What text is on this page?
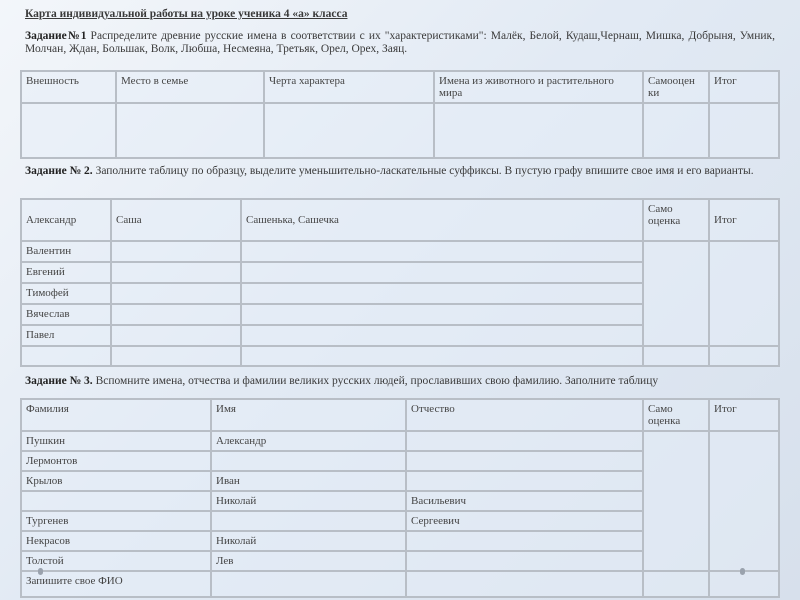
Карта индивидуальной работы на уроке ученика 4 «а» класса
Задание№1 Распределите древние русские имена в соответствии с их "характеристиками": Малёк, Белой, Кудаш,Чернаш, Мишка, Добрыня, Умник, Молчан, Ждан, Большак, Волк, Любша, Несмеяна, Третьяк, Орел, Орех, Заяц.
Внешность	Место в семье	Черта характера	Имена из животного и растительного мира	Самооцен ки	Итог

Задание № 2. Заполните таблицу по образцу, выделите уменьшительно-ласкательные суффиксы. В пустую графу впишите свое имя и его варианты.
Александр	Саша	Сашенька, Сашечка	Само оценка	Итог
Валентин				
Евгений				
Тимофей				
Вячеслав				
Павел				

Задание № 3. Вспомните имена, отчества и фамилии великих русских людей, прославивших свою фамилию. Заполните таблицу
Фамилия	Имя	Отчество	Само оценка	Итог
Пушкин	Александр			
Лермонтов				
Крылов	Иван			
	Николай	Васильевич		
Тургенев		Сергеевич		
Некрасов	Николай			
Толстой	Лев			
Запишите свое ФИО				
